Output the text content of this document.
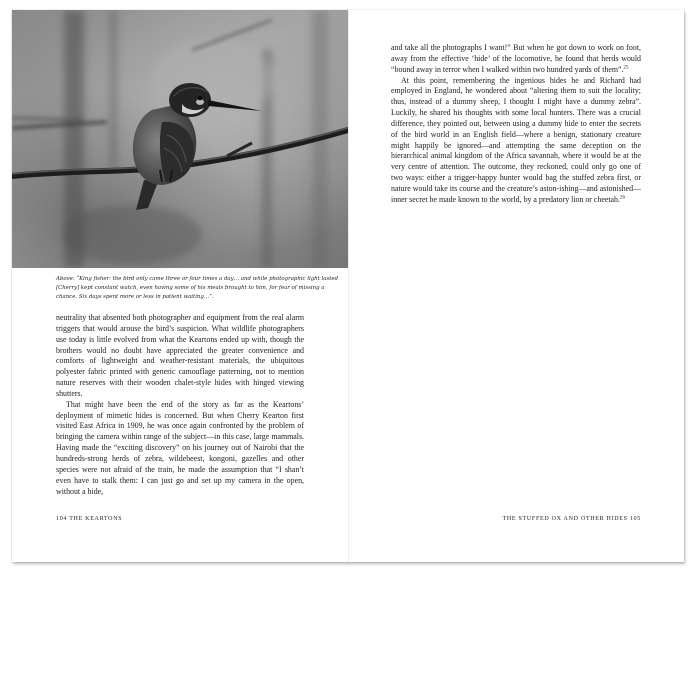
Above: “King fisher: the bird only came three or four times a day… and while photographic light lasted [Cherry] kept constant watch, even having some of his meals brought to him, for fear of missing a chance. Six days spent more or less in patient waiting…”.

neutrality that absented both photographer and equipment from the real alarm triggers that would arouse the bird’s suspicion. What wildlife photographers use today is little evolved from what the Keartons ended up with, though the brothers would no doubt have appreciated the greater convenience and comforts of lightweight and weather-resistant materials, the ubiquitous polyester fabric printed with generic camouflage patterning, not to mention nature reserves with their wooden chalet-style hides with hinged viewing shutters.

That might have been the end of the story as far as the Keartons’ deployment of mimetic hides is concerned. But when Cherry Kearton first visited East Africa in 1909, he was once again confronted by the problem of bringing the camera within range of the subject—in this case, large mammals. Having made the “exciting discovery” on his journey out of Nairobi that the hundreds-strong herds of zebra, wildebeest, kongoni, gazelles and other species were not afraid of the train, he made the assumption that “I shan’t even have to stalk them: I can just go and set up my camera in the open, without a hide,

and take all the photographs I want!” But when he got down to work on foot, away from the effective ‘hide’ of the locomotive, he found that herds would “bound away in terror when I walked within two hundred yards of them”.$^{25}$

At this point, remembering the ingenious hides he and Richard had employed in England, he wondered about “altering them to suit the locality; thus, instead of a dummy sheep, I thought I might have a dummy zebra”. Luckily, he shared his thoughts with some local hunters. There was a crucial difference, they pointed out, between using a dummy hide to enter the secrets of the bird world in an English field—where a benign, stationary creature might happily be ignored—and attempting the same deception on the hierarchical animal kingdom of the Africa savannah, where it would be at the very centre of attention. The outcome, they reckoned, could only go one of two ways: either a trigger-happy hunter would bag the stuffed zebra first, or nature would take its course and the creature’s aston-ishing—and astonished—inner secret be made known to the world, by a predatory lion or cheetah.$^{26}$

104 THE KEARTONS	THE STUFFED OX AND OTHER HIDES 105
